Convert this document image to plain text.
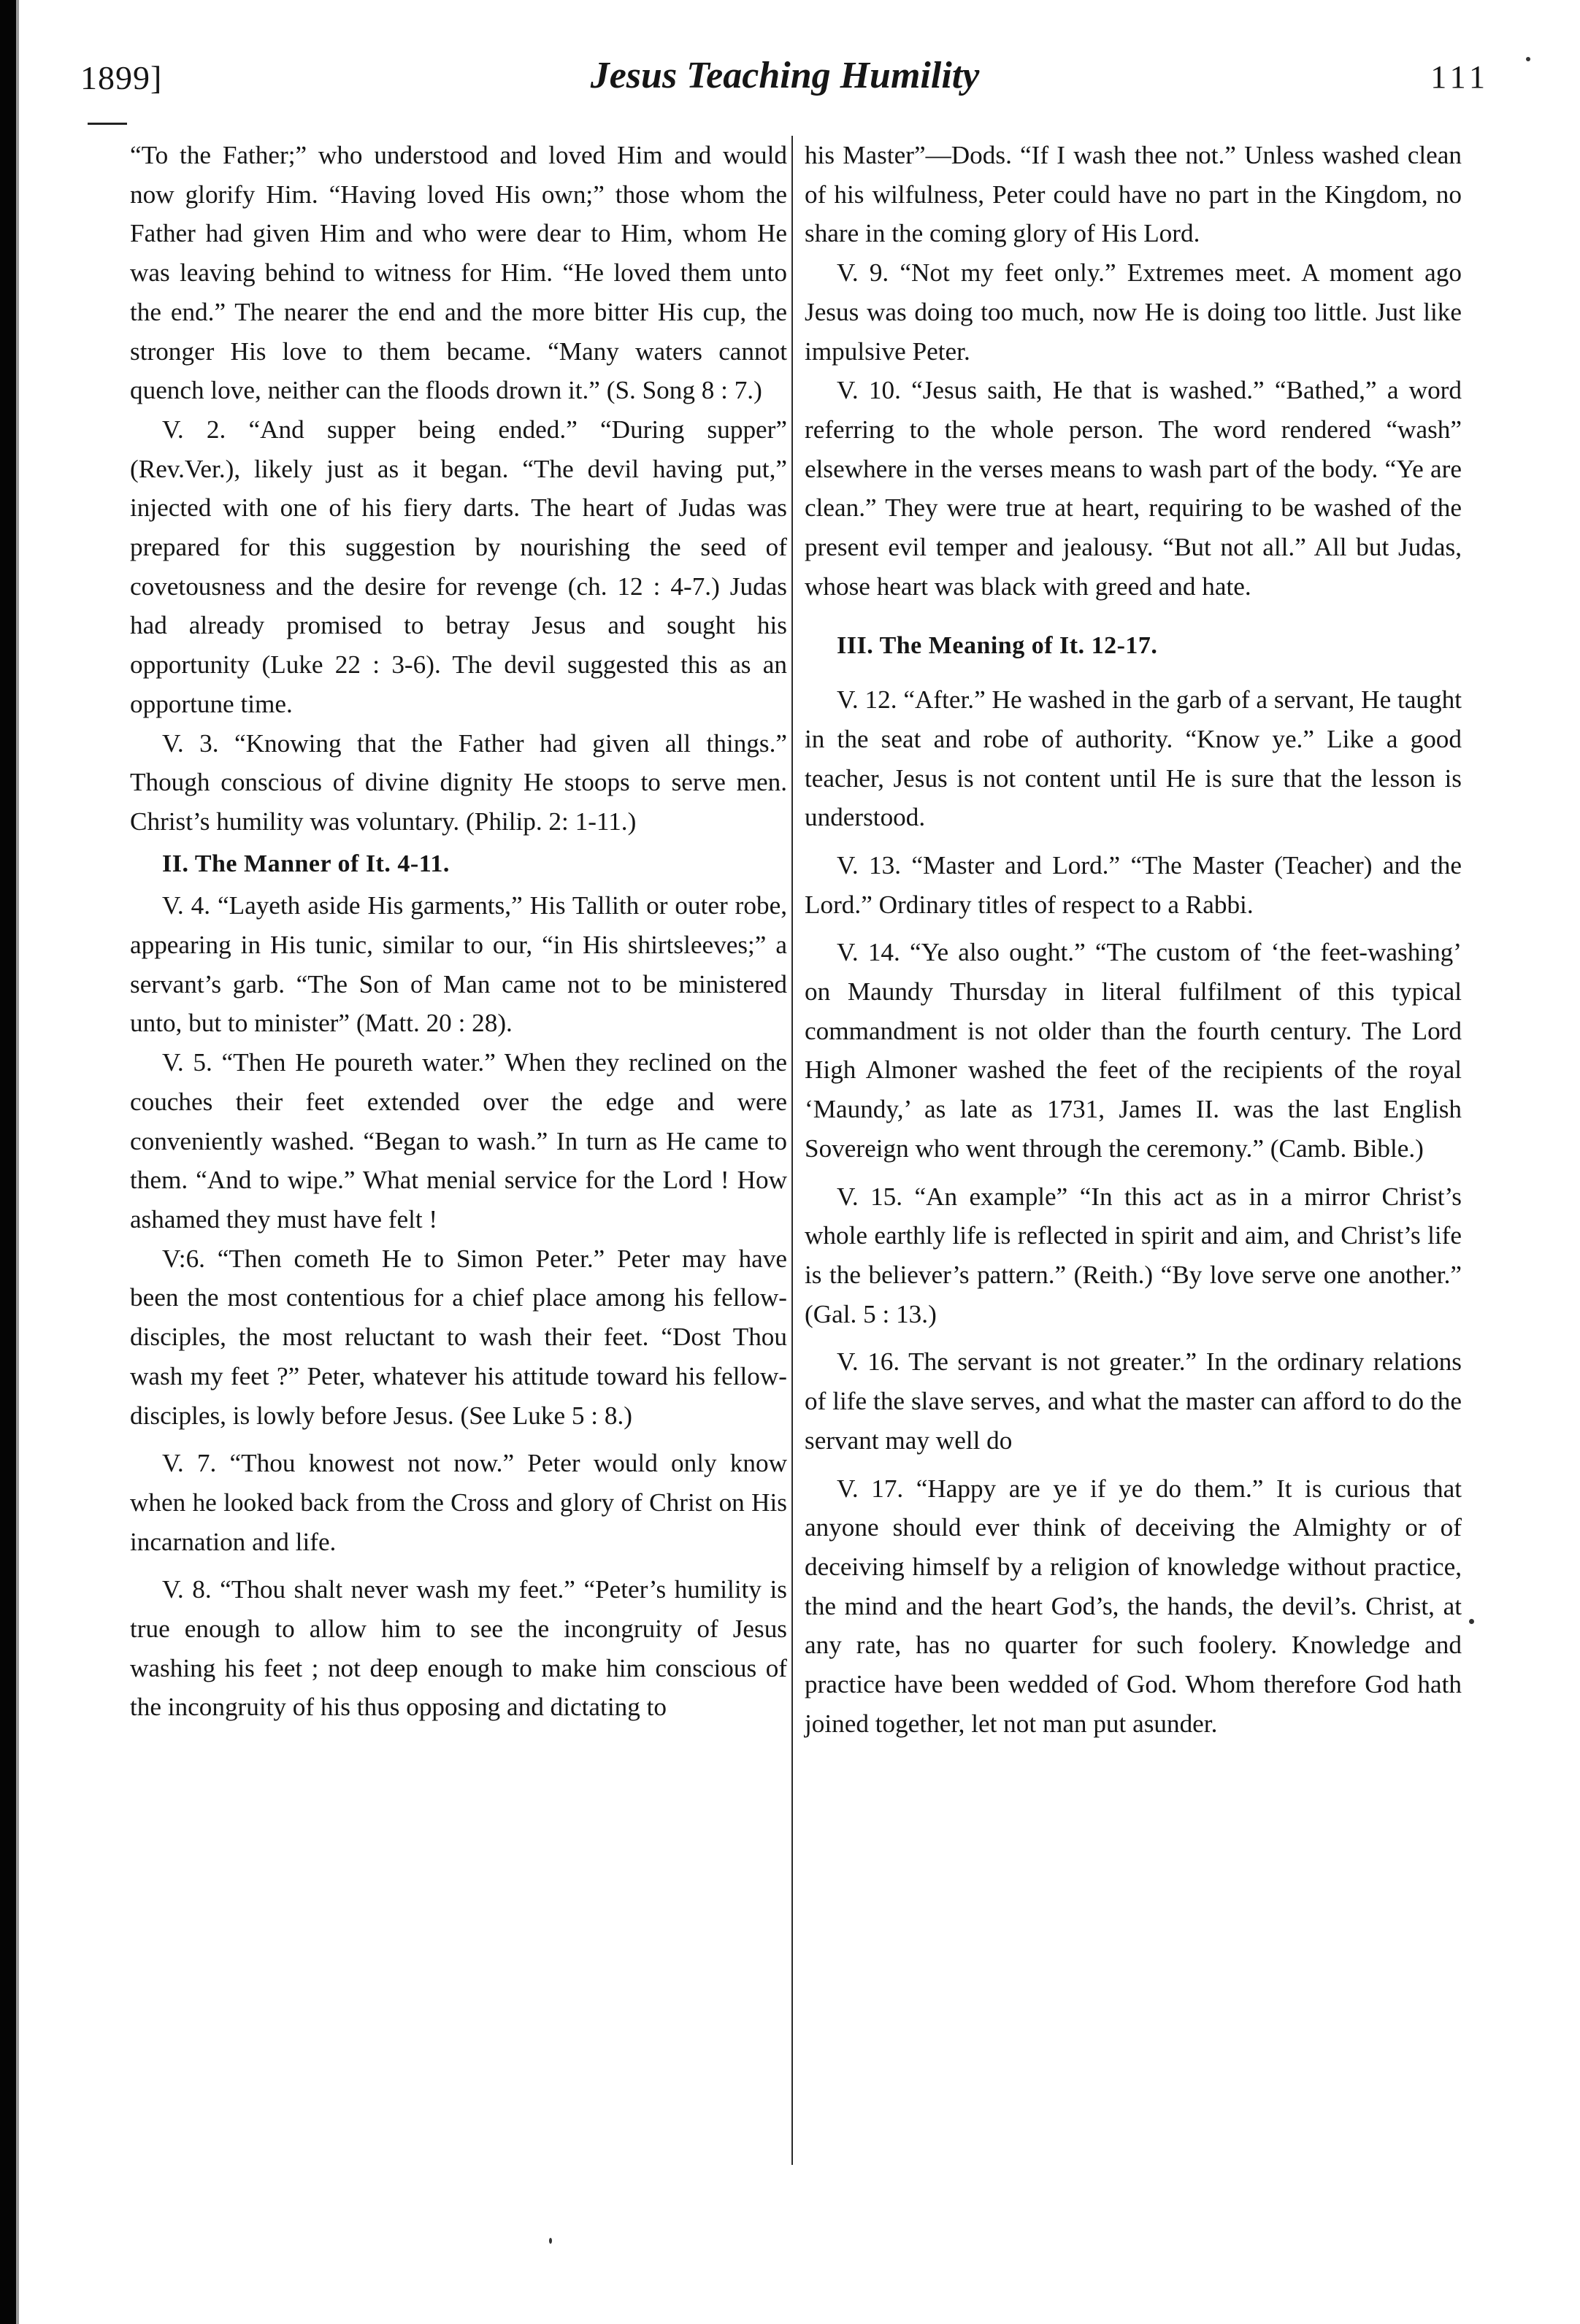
1899]	Jesus Teaching Humility	111

“To the Father;” who understood and loved Him and would now glorify Him. “Having loved His own;” those whom the Father had given Him and who were dear to Him, whom He was leaving behind to witness for Him. “He loved them unto the end.” The nearer the end and the more bitter His cup, the stronger His love to them became. “Many waters cannot quench love, neither can the floods drown it.” (S. Song 8 : 7.)

V. 2. “And supper being ended.” “During supper” (Rev.Ver.), likely just as it began. “The devil having put,” injected with one of his fiery darts. The heart of Judas was prepared for this suggestion by nourishing the seed of covetousness and the desire for revenge (ch. 12 : 4-7.) Judas had already promised to betray Jesus and sought his opportunity (Luke 22 : 3-6). The devil suggested this as an opportune time.

V. 3. “Knowing that the Father had given all things.” Though conscious of divine dignity He stoops to serve men. Christ’s humility was voluntary. (Philip. 2: 1-11.)

II. The Manner of It. 4-11.

V. 4. “Layeth aside His garments,” His Tallith or outer robe, appearing in His tunic, similar to our, “in His shirtsleeves;” a servant’s garb. “The Son of Man came not to be ministered unto, but to minister” (Matt. 20 : 28).

V. 5. “Then He poureth water.” When they reclined on the couches their feet extended over the edge and were conveniently washed. “Began to wash.” In turn as He came to them. “And to wipe.” What menial service for the Lord ! How ashamed they must have felt !

V:6. “Then cometh He to Simon Peter.” Peter may have been the most contentious for a chief place among his fellow-disciples, the most reluctant to wash their feet. “Dost Thou wash my feet ?” Peter, whatever his attitude toward his fellow-disciples, is lowly before Jesus. (See Luke 5 : 8.)

V. 7. “Thou knowest not now.” Peter would only know when he looked back from the Cross and glory of Christ on His incarnation and life.

V. 8. “Thou shalt never wash my feet.” “Peter’s humility is true enough to allow him to see the incongruity of Jesus washing his feet ; not deep enough to make him conscious of the incongruity of his thus opposing and dictating to

his Master”—Dods. “If I wash thee not.” Unless washed clean of his wilfulness, Peter could have no part in the Kingdom, no share in the coming glory of His Lord.

V. 9. “Not my feet only.” Extremes meet. A moment ago Jesus was doing too much, now He is doing too little. Just like impulsive Peter.

V. 10. “Jesus saith, He that is washed.” “Bathed,” a word referring to the whole person. The word rendered “wash” elsewhere in the verses means to wash part of the body. “Ye are clean.” They were true at heart, requiring to be washed of the present evil temper and jealousy. “But not all.” All but Judas, whose heart was black with greed and hate.

III. The Meaning of It. 12-17.

V. 12. “After.” He washed in the garb of a servant, He taught in the seat and robe of authority. “Know ye.” Like a good teacher, Jesus is not content until He is sure that the lesson is understood.

V. 13. “Master and Lord.” “The Master (Teacher) and the Lord.” Ordinary titles of respect to a Rabbi.

V. 14. “Ye also ought.” “The custom of ‘the feet-washing’ on Maundy Thursday in literal fulfilment of this typical commandment is not older than the fourth century. The Lord High Almoner washed the feet of the recipients of the royal ‘Maundy,’ as late as 1731, James II. was the last English Sovereign who went through the ceremony.” (Camb. Bible.)

V. 15. “An example” “In this act as in a mirror Christ’s whole earthly life is reflected in spirit and aim, and Christ’s life is the believer’s pattern.” (Reith.) “By love serve one another.” (Gal. 5 : 13.)

V. 16. The servant is not greater.” In the ordinary relations of life the slave serves, and what the master can afford to do the servant may well do

V. 17. “Happy are ye if ye do them.” It is curious that anyone should ever think of deceiving the Almighty or of deceiving himself by a religion of knowledge without practice, the mind and the heart God’s, the hands, the devil’s. Christ, at any rate, has no quarter for such foolery. Knowledge and practice have been wedded of God. Whom therefore God hath joined together, let not man put asunder.
